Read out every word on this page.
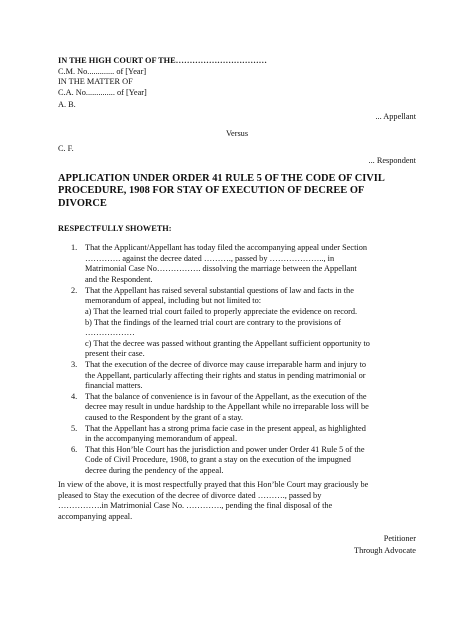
IN THE HIGH COURT OF THE……………………………
C.M. No............. of [Year]
IN THE MATTER OF
C.A. No.............. of [Year]
A. B.
... Appellant
Versus
C. F.
... Respondent
APPLICATION UNDER ORDER 41 RULE 5 OF THE CODE OF CIVIL
PROCEDURE, 1908 FOR STAY OF EXECUTION OF DECREE OF
DIVORCE
RESPECTFULLY SHOWETH:
1. That the Applicant/Appellant has today filed the accompanying appeal under Section
…………. against the decree dated ………., passed by ……………….., in
Matrimonial Case No……………. dissolving the marriage between the Appellant
and the Respondent.
2. That the Appellant has raised several substantial questions of law and facts in the
memorandum of appeal, including but not limited to:
a) That the learned trial court failed to properly appreciate the evidence on record.
b) That the findings of the learned trial court are contrary to the provisions of
………………
c) That the decree was passed without granting the Appellant sufficient opportunity to
present their case.
3. That the execution of the decree of divorce may cause irreparable harm and injury to
the Appellant, particularly affecting their rights and status in pending matrimonial or
financial matters.
4. That the balance of convenience is in favour of the Appellant, as the execution of the
decree may result in undue hardship to the Appellant while no irreparable loss will be
caused to the Respondent by the grant of a stay.
5. That the Appellant has a strong prima facie case in the present appeal, as highlighted
in the accompanying memorandum of appeal.
6. That this Hon’ble Court has the jurisdiction and power under Order 41 Rule 5 of the
Code of Civil Procedure, 1908, to grant a stay on the execution of the impugned
decree during the pendency of the appeal.
In view of the above, it is most respectfully prayed that this Hon’ble Court may graciously be
pleased to Stay the execution of the decree of divorce dated ………., passed by
…………….in Matrimonial Case No. …………., pending the final disposal of the
accompanying appeal.
Petitioner
Through Advocate
